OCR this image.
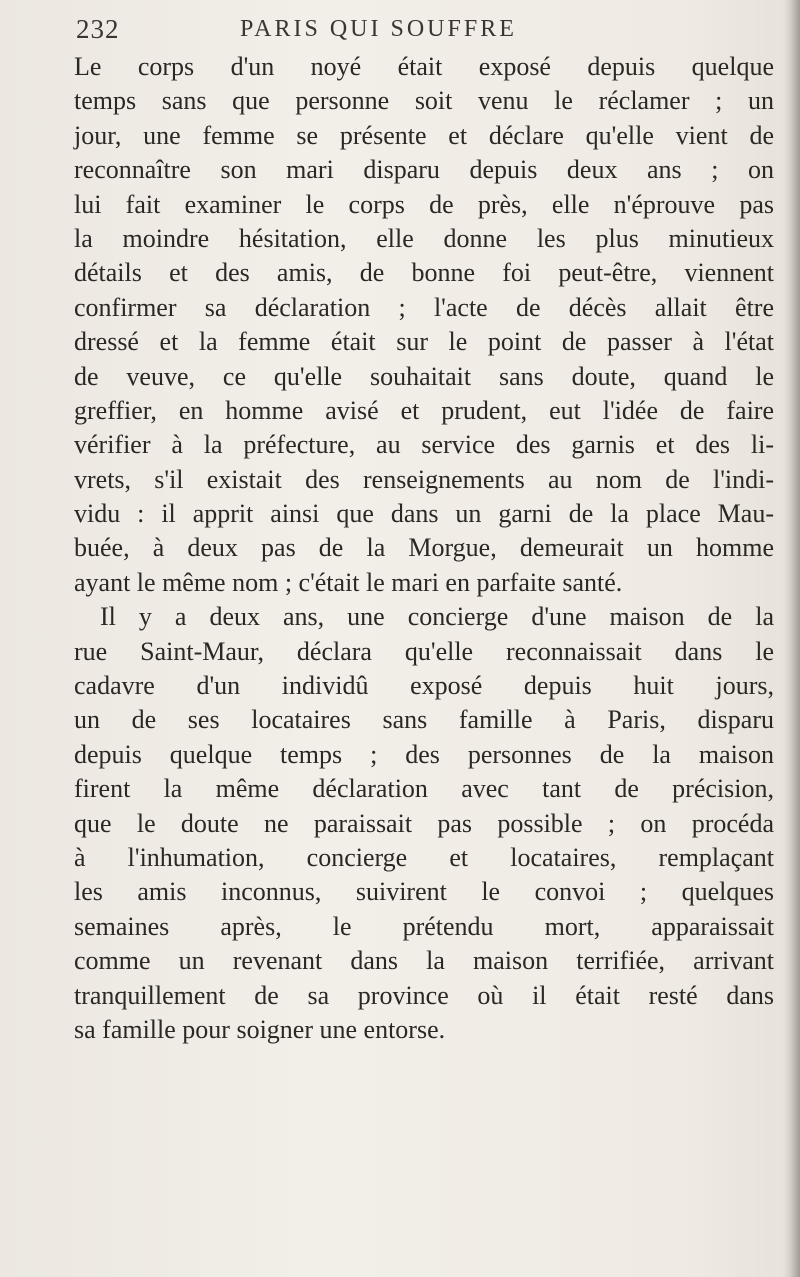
232	PARIS QUI SOUFFRE
Le corps d'un noyé était exposé depuis quelque
temps sans que personne soit venu le réclamer ; un
jour, une femme se présente et déclare qu'elle vient de
reconnaître son mari disparu depuis deux ans ; on
lui fait examiner le corps de près, elle n'éprouve pas
la moindre hésitation, elle donne les plus minutieux
détails et des amis, de bonne foi peut-être, viennent
confirmer sa déclaration ; l'acte de décès allait être
dressé et la femme était sur le point de passer à l'état
de veuve, ce qu'elle souhaitait sans doute, quand le
greffier, en homme avisé et prudent, eut l'idée de faire
vérifier à la préfecture, au service des garnis et des li-
vrets, s'il existait des renseignements au nom de l'indi-
vidu : il apprit ainsi que dans un garni de la place Mau-
buée, à deux pas de la Morgue, demeurait un homme
ayant le même nom ; c'était le mari en parfaite santé.
Il y a deux ans, une concierge d'une maison de la
rue Saint-Maur, déclara qu'elle reconnaissait dans le
cadavre d'un individû exposé depuis huit jours,
un de ses locataires sans famille à Paris, disparu
depuis quelque temps ; des personnes de la maison
firent la même déclaration avec tant de précision,
que le doute ne paraissait pas possible ; on procéda
à l'inhumation, concierge et locataires, remplaçant
les amis inconnus, suivirent le convoi ; quelques
semaines après, le prétendu mort, apparaissait
comme un revenant dans la maison terrifiée, arrivant
tranquillement de sa province où il était resté dans
sa famille pour soigner une entorse.
